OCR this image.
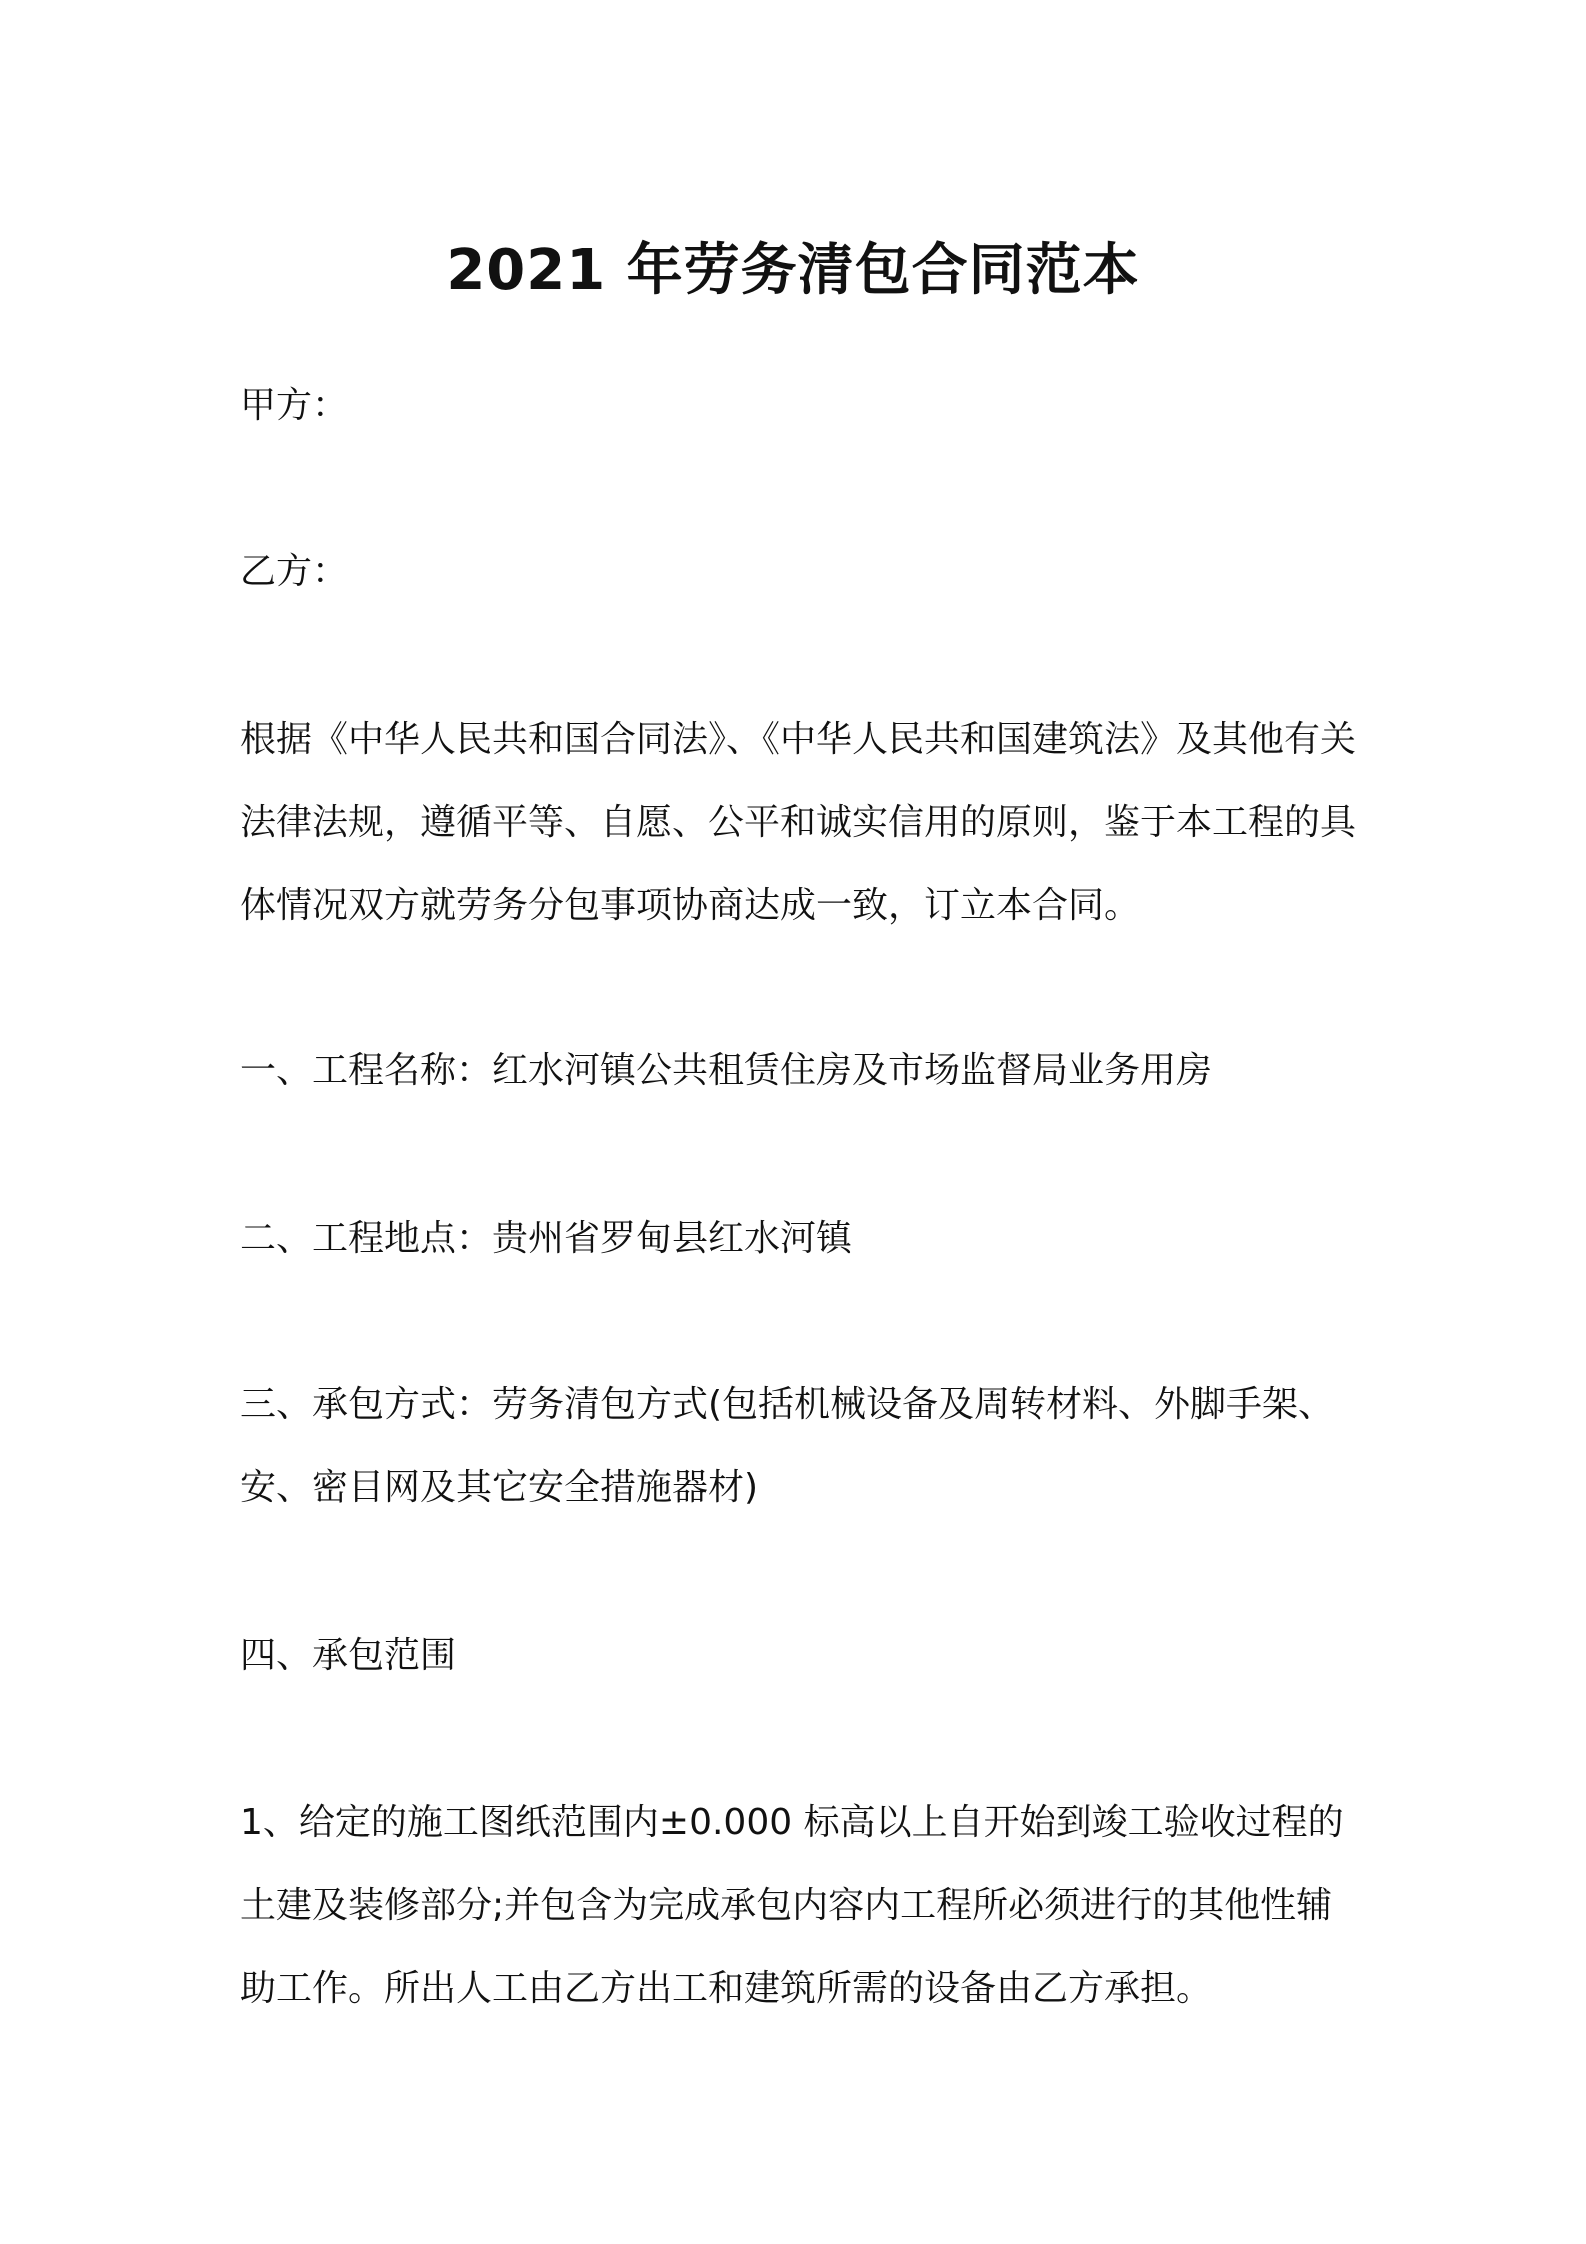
2021 年劳务清包合同范本

甲方：

乙方：

根据《中华人民共和国合同法》、《中华人民共和国建筑法》及其他有关法律法规，遵循平等、自愿、公平和诚实信用的原则，鉴于本工程的具体情况双方就劳务分包事项协商达成一致，订立本合同。

一、工程名称：红水河镇公共租赁住房及市场监督局业务用房

二、工程地点：贵州省罗甸县红水河镇

三、承包方式：劳务清包方式(包括机械设备及周转材料、外脚手架、安、密目网及其它安全措施器材)

四、承包范围

1、给定的施工图纸范围内±0.000 标高以上自开始到竣工验收过程的土建及装修部分;并包含为完成承包内容内工程所必须进行的其他性辅助工作。所出人工由乙方出工和建筑所需的设备由乙方承担。
